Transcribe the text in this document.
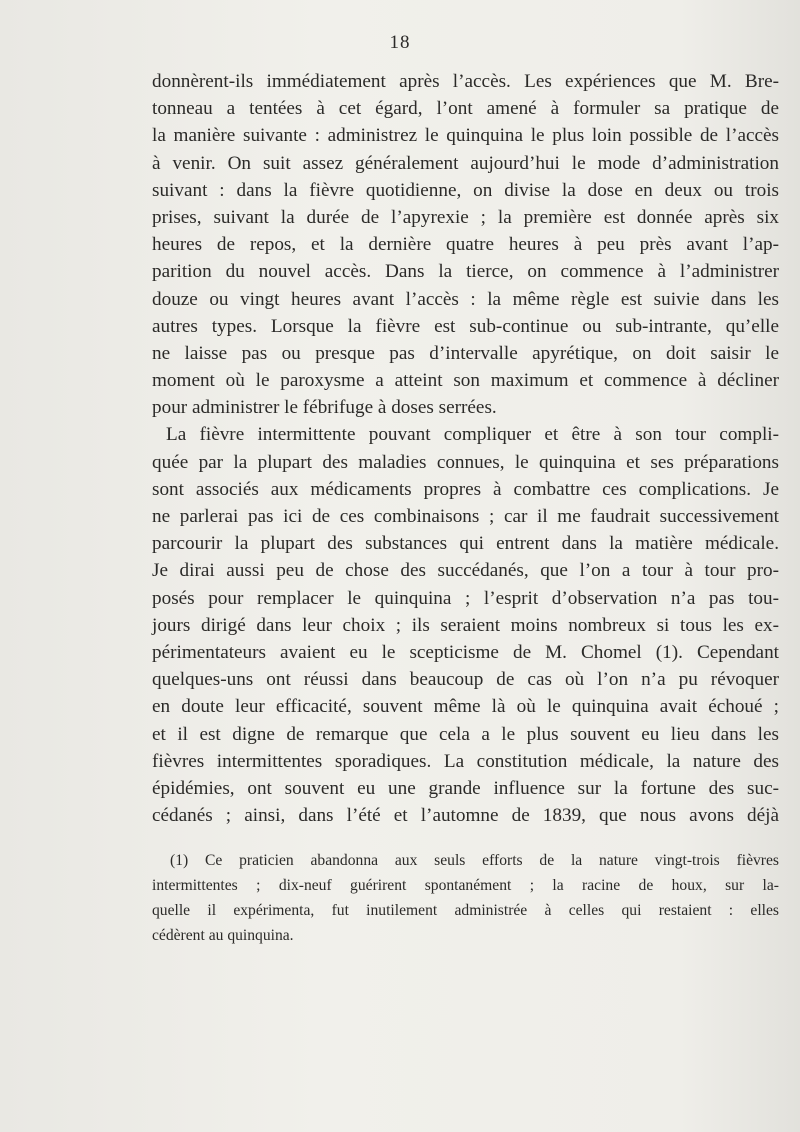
18
donnèrent-ils immédiatement après l’accès. Les expériences que M. Bre-
tonneau a tentées à cet égard, l’ont amené à formuler sa pratique de
la manière suivante : administrez le quinquina le plus loin possible de l’accès
à venir. On suit assez généralement aujourd’hui le mode d’administration
suivant : dans la fièvre quotidienne, on divise la dose en deux ou trois
prises, suivant la durée de l’apyrexie ; la première est donnée après six
heures de repos, et la dernière quatre heures à peu près avant l’ap-
parition du nouvel accès. Dans la tierce, on commence à l’administrer
douze ou vingt heures avant l’accès : la même règle est suivie dans les
autres types. Lorsque la fièvre est sub-continue ou sub-intrante, qu’elle
ne laisse pas ou presque pas d’intervalle apyrétique, on doit saisir le
moment où le paroxysme a atteint son maximum et commence à décliner
pour administrer le fébrifuge à doses serrées.
La fièvre intermittente pouvant compliquer et être à son tour compli-
quée par la plupart des maladies connues, le quinquina et ses préparations
sont associés aux médicaments propres à combattre ces complications. Je
ne parlerai pas ici de ces combinaisons ; car il me faudrait successivement
parcourir la plupart des substances qui entrent dans la matière médicale.
Je dirai aussi peu de chose des succédanés, que l’on a tour à tour pro-
posés pour remplacer le quinquina ; l’esprit d’observation n’a pas tou-
jours dirigé dans leur choix ; ils seraient moins nombreux si tous les ex-
périmentateurs avaient eu le scepticisme de M. Chomel (1). Cependant
quelques-uns ont réussi dans beaucoup de cas où l’on n’a pu révoquer
en doute leur efficacité, souvent même là où le quinquina avait échoué ;
et il est digne de remarque que cela a le plus souvent eu lieu dans les
fièvres intermittentes sporadiques. La constitution médicale, la nature des
épidémies, ont souvent eu une grande influence sur la fortune des suc-
cédanés ; ainsi, dans l’été et l’automne de 1839, que nous avons déjà
(1) Ce praticien abandonna aux seuls efforts de la nature vingt-trois fièvres
intermittentes ; dix-neuf guérirent spontanément ; la racine de houx, sur la-
quelle il expérimenta, fut inutilement administrée à celles qui restaient : elles
cédèrent au quinquina.
